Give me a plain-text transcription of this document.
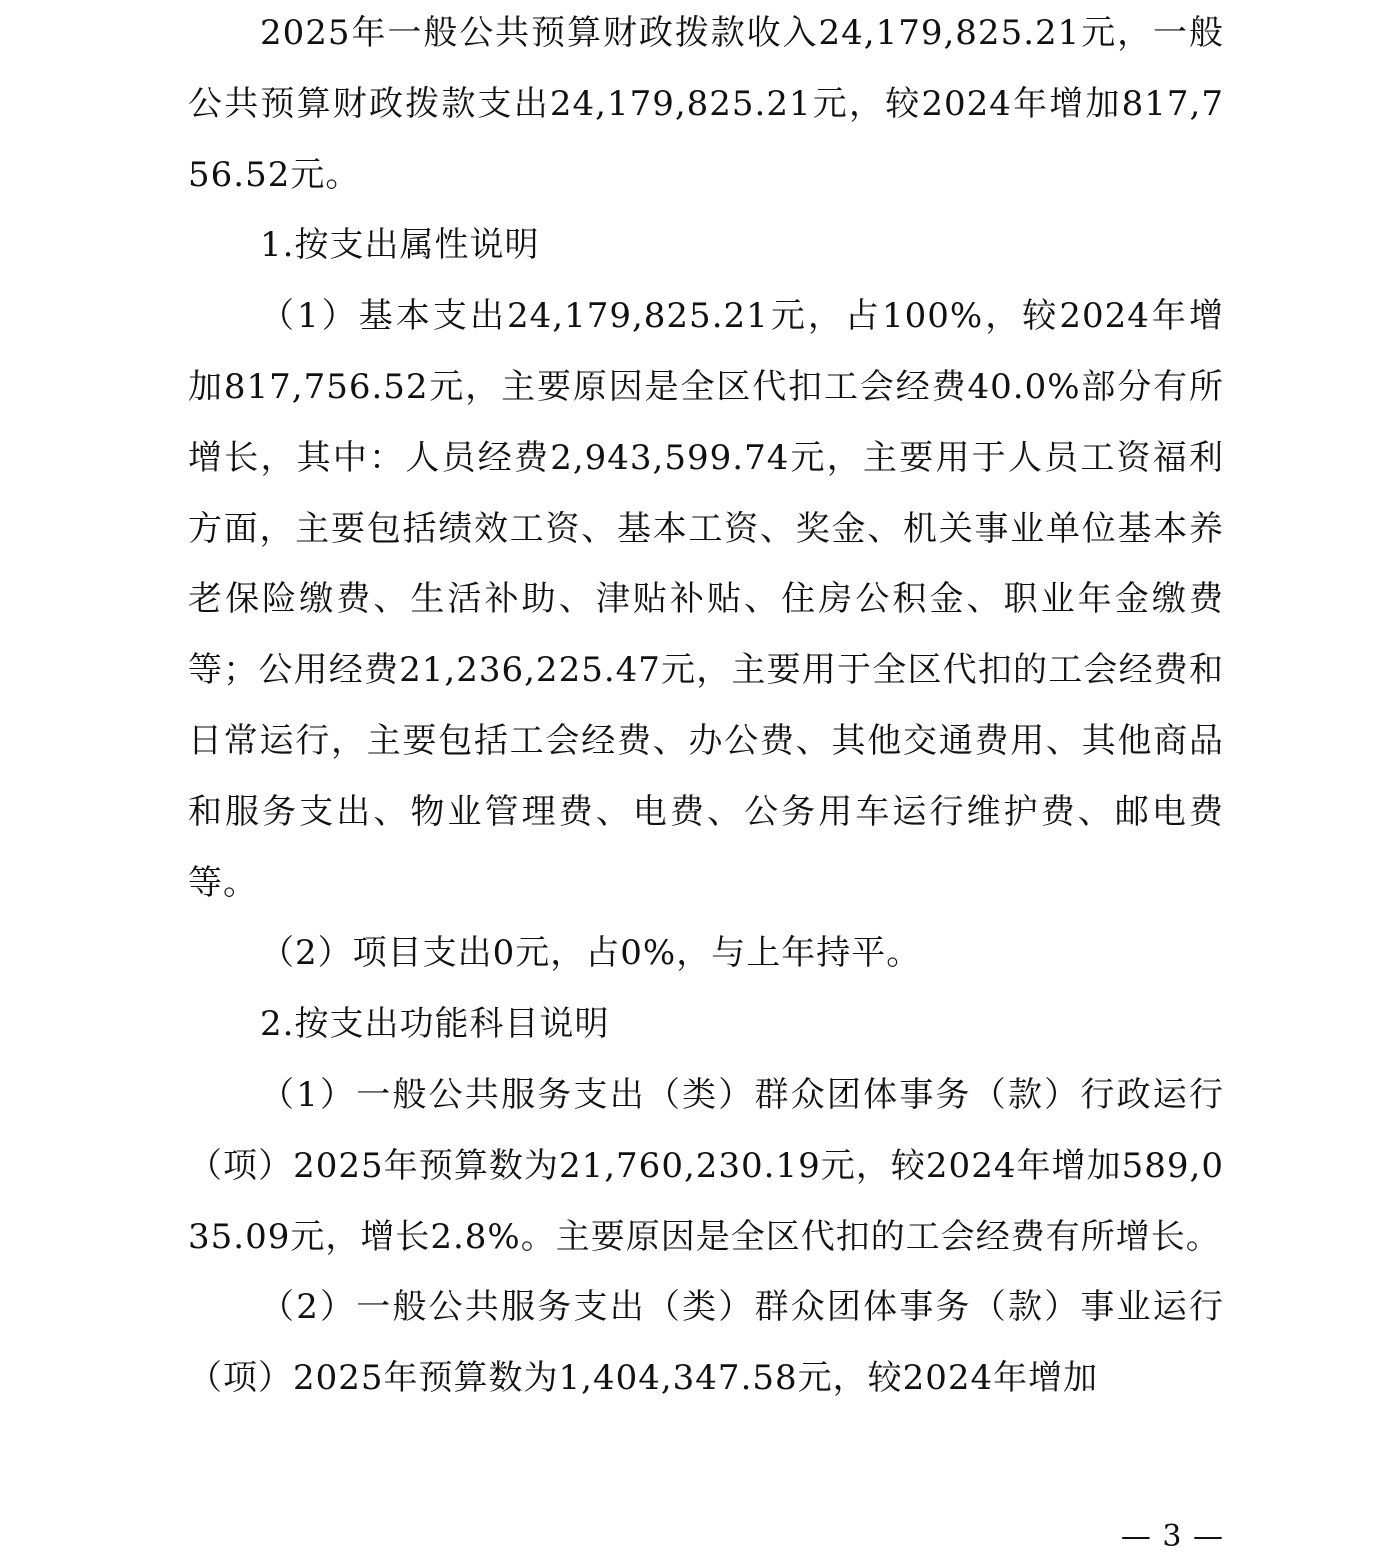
2025年一般公共预算财政拨款收入24,179,825.21元，一般公共预算财政拨款支出24,179,825.21元，较2024年增加817,756.52元。

1.按支出属性说明

（1）基本支出24,179,825.21元，占100%，较2024年增加817,756.52元，主要原因是全区代扣工会经费40.0%部分有所增长，其中：人员经费2,943,599.74元，主要用于人员工资福利方面，主要包括绩效工资、基本工资、奖金、机关事业单位基本养老保险缴费、生活补助、津贴补贴、住房公积金、职业年金缴费等；公用经费21,236,225.47元，主要用于全区代扣的工会经费和日常运行，主要包括工会经费、办公费、其他交通费用、其他商品和服务支出、物业管理费、电费、公务用车运行维护费、邮电费等。

（2）项目支出0元，占0%，与上年持平。

2.按支出功能科目说明

（1）一般公共服务支出（类）群众团体事务（款）行政运行（项）2025年预算数为21,760,230.19元，较2024年增加589,035.09元，增长2.8%。主要原因是全区代扣的工会经费有所增长。

（2）一般公共服务支出（类）群众团体事务（款）事业运行（项）2025年预算数为1,404,347.58元，较2024年增加

— 3 —
